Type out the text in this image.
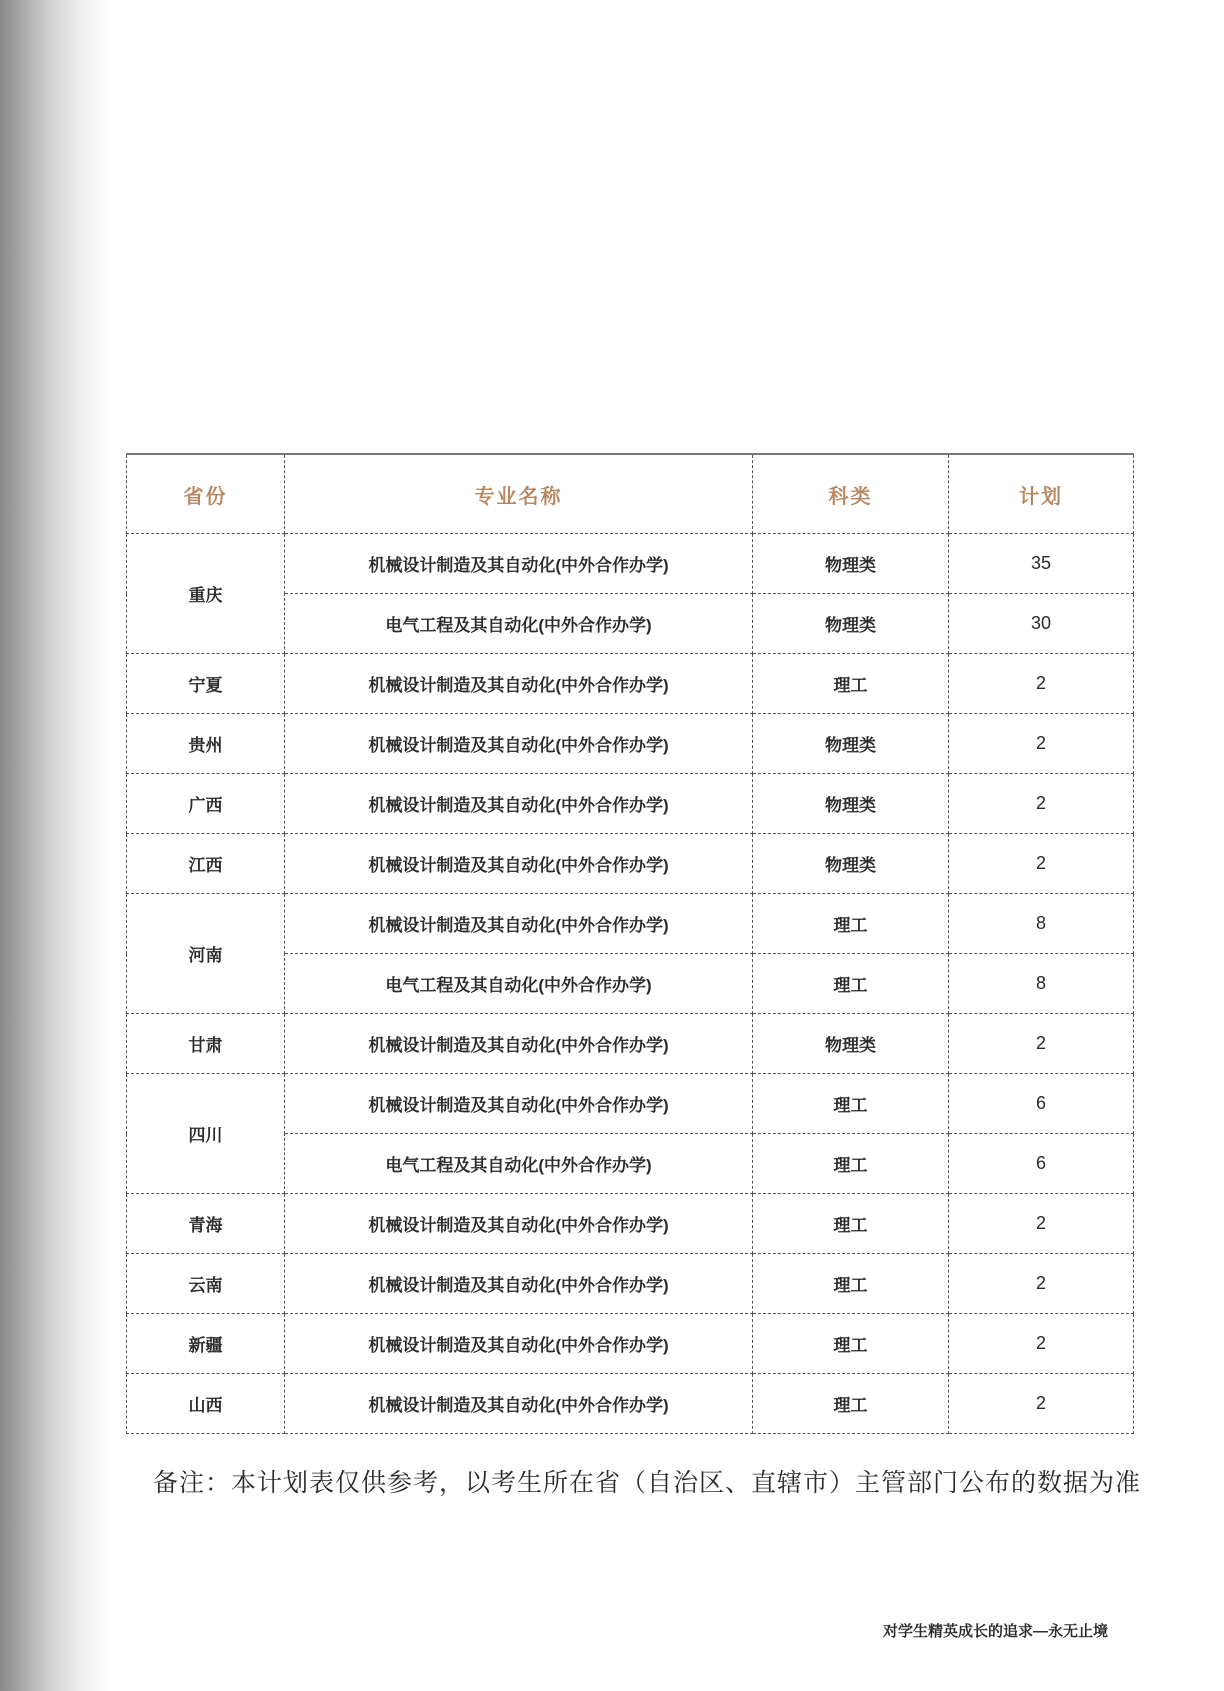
省份	专业名称	科类	计划
重庆	机械设计制造及其自动化(中外合作办学)	物理类	35
	电气工程及其自动化(中外合作办学)	物理类	30
宁夏	机械设计制造及其自动化(中外合作办学)	理工	2
贵州	机械设计制造及其自动化(中外合作办学)	物理类	2
广西	机械设计制造及其自动化(中外合作办学)	物理类	2
江西	机械设计制造及其自动化(中外合作办学)	物理类	2
河南	机械设计制造及其自动化(中外合作办学)	理工	8
	电气工程及其自动化(中外合作办学)	理工	8
甘肃	机械设计制造及其自动化(中外合作办学)	物理类	2
四川	机械设计制造及其自动化(中外合作办学)	理工	6
	电气工程及其自动化(中外合作办学)	理工	6
青海	机械设计制造及其自动化(中外合作办学)	理工	2
云南	机械设计制造及其自动化(中外合作办学)	理工	2
新疆	机械设计制造及其自动化(中外合作办学)	理工	2
山西	机械设计制造及其自动化(中外合作办学)	理工	2
备注：本计划表仅供参考，以考生所在省（自治区、直辖市）主管部门公布的数据为准
对学生精英成长的追求—永无止境
